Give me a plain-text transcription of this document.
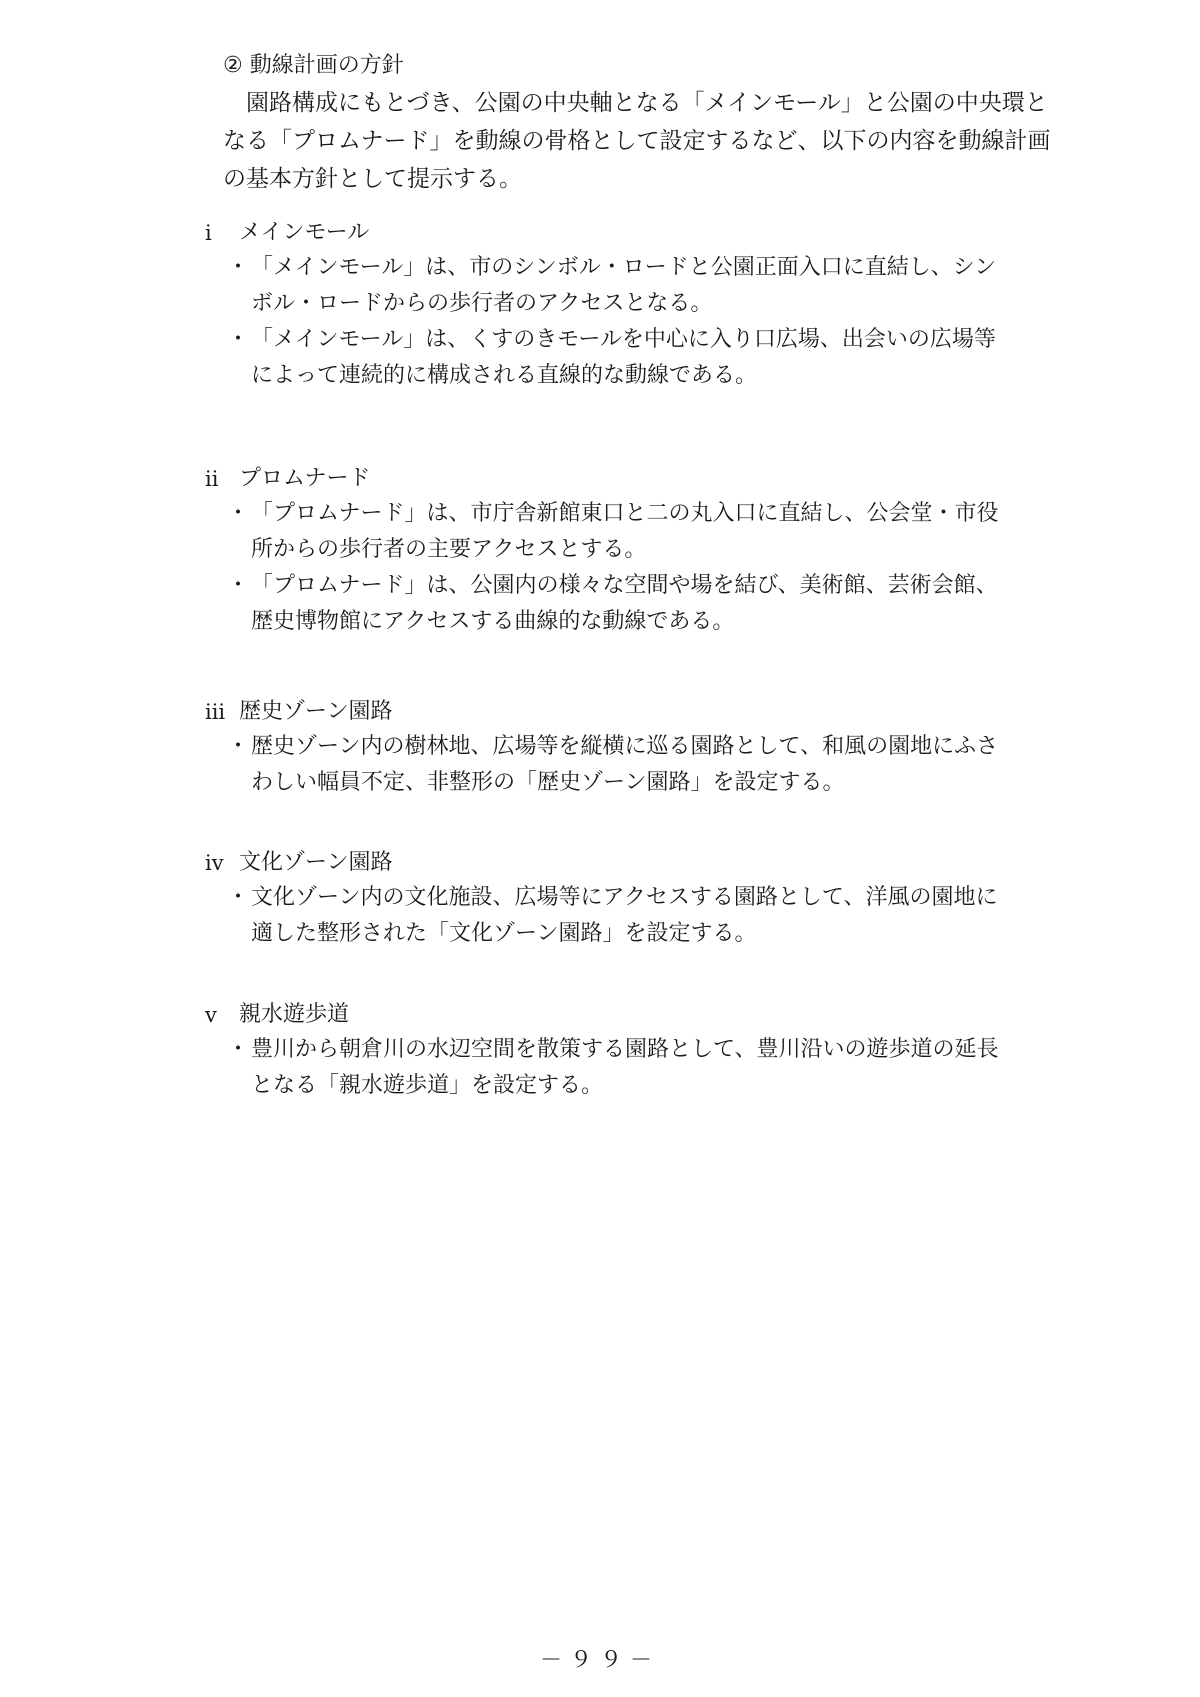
② 動線計画の方針
　園路構成にもとづき、公園の中央軸となる「メインモール」と公園の中央環と
なる「プロムナード」を動線の骨格として設定するなど、以下の内容を動線計画
の基本方針として提示する。
i	メインモール
・ 「メインモール」は、市のシンボル・ロードと公園正面入口に直結し、シン
ボル・ロードからの歩行者のアクセスとなる。
・ 「メインモール」は、くすのきモールを中心に入り口広場、出会いの広場等
によって連続的に構成される直線的な動線である。
ii プロムナード
・ 「プロムナード」は、市庁舎新館東口と二の丸入口に直結し、公会堂・市役
所からの歩行者の主要アクセスとする。
・ 「プロムナード」は、公園内の様々な空間や場を結び、美術館、芸術会館、
歴史博物館にアクセスする曲線的な動線である。
iii 歴史ゾーン園路
・ 歴史ゾーン内の樹林地、広場等を縦横に巡る園路として、和風の園地にふさ
わしい幅員不定、非整形の「歴史ゾーン園路」を設定する。
iv 文化ゾーン園路
・ 文化ゾーン内の文化施設、広場等にアクセスする園路として、洋風の園地に
適した整形された「文化ゾーン園路」を設定する。
v	親水遊歩道
・ 豊川から朝倉川の水辺空間を散策する園路として、豊川沿いの遊歩道の延長
となる「親水遊歩道」を設定する。
－９９－
